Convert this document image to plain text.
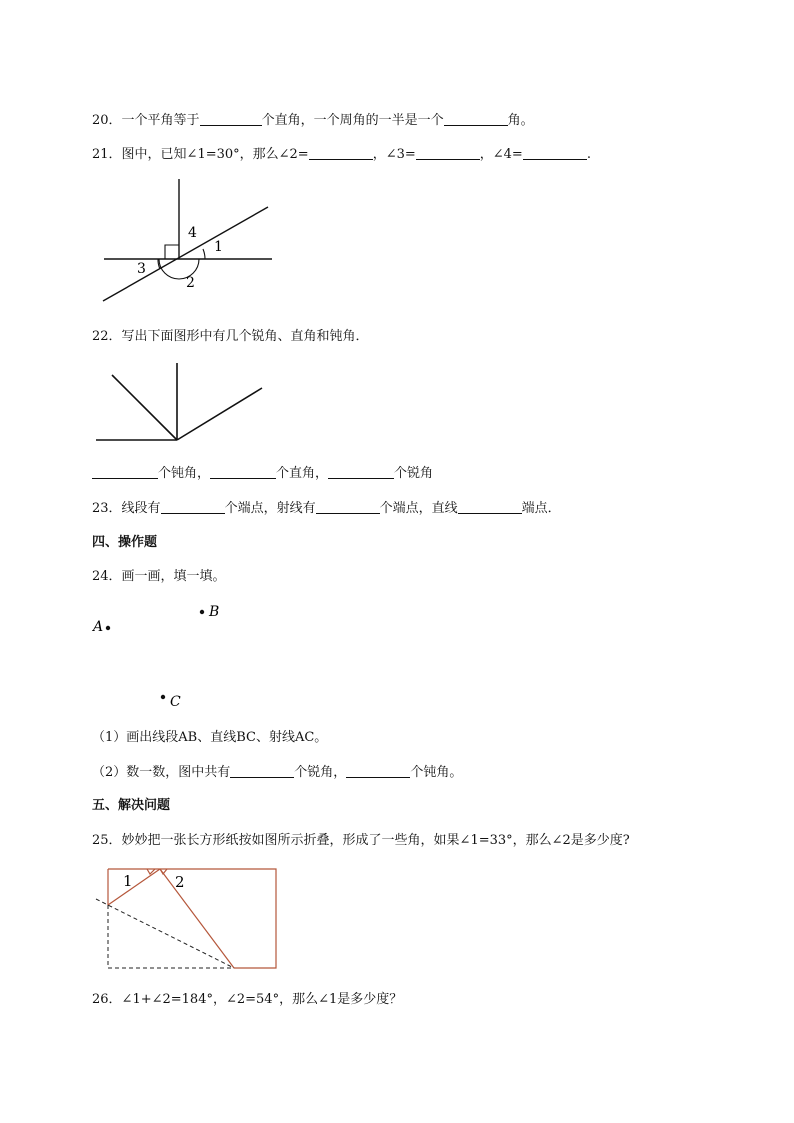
20．一个平角等于	个直角，一个周角的一半是一个	角。
21．图中，已知∠1=30°，那么∠2=	，∠3=	，∠4=	.
4
1
3
2
22．写出下面图形中有几个锐角、直角和钝角．
个钝角，	个直角，	个锐角
23．线段有	个端点，射线有	个端点，直线	端点．
四、操作题
24．画一画，填一填。
A
B
C
（1）画出线段AB、直线BC、射线AC。
（2）数一数，图中共有	个锐角，	个钝角。
五、解决问题
25．妙妙把一张长方形纸按如图所示折叠，形成了一些角，如果∠1=33°，那么∠2是多少度?
1	2
26．∠1+∠2=184°，∠2=54°，那么∠1是多少度？
